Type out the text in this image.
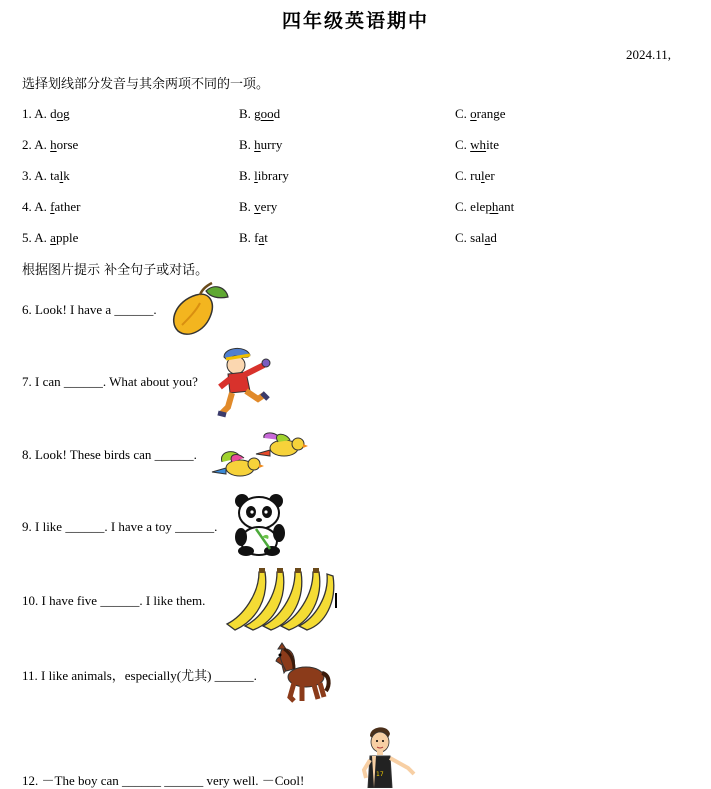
四年级英语期中
2024.11,
选择划线部分发音与其余两项不同的一项。
1. A. dog	B. good	C. orange
2. A. horse	B. hurry	C. white
3. A. talk	B. library	C. ruler
4. A. father	B. very	C. elephant
5. A. apple	B. fat	C. salad
根据图片提示 补全句子或对话。
6. Look! I have a ______.
7. I can ______. What about you?
8. Look! These birds can ______.
9. I like ______. I have a toy ______.
10. I have five ______. I like them.
11. I like animals，especially(尤其) ______.
12. －The boy can ______ ______ very well. －Cool!	17
